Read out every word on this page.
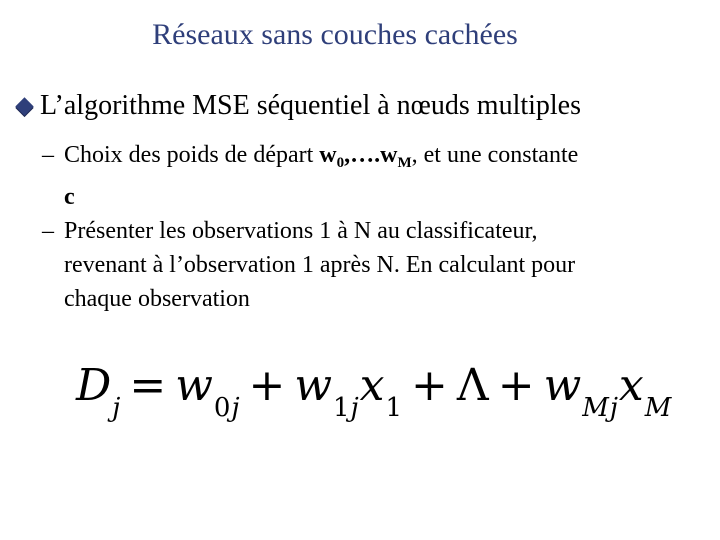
Réseaux sans couches cachées
L’algorithme MSE séquentiel à nœuds multiples
– Choix des poids de départ $w_0,\dots.w_M$, et une constante
c
– Présenter les observations 1 à N au classificateur,
revenant à l’observation 1 après N. En calculant pour
chaque observation
$D_j = w_{0j} + w_{1j}x_1 + \Lambda + w_{Mj}x_M$
